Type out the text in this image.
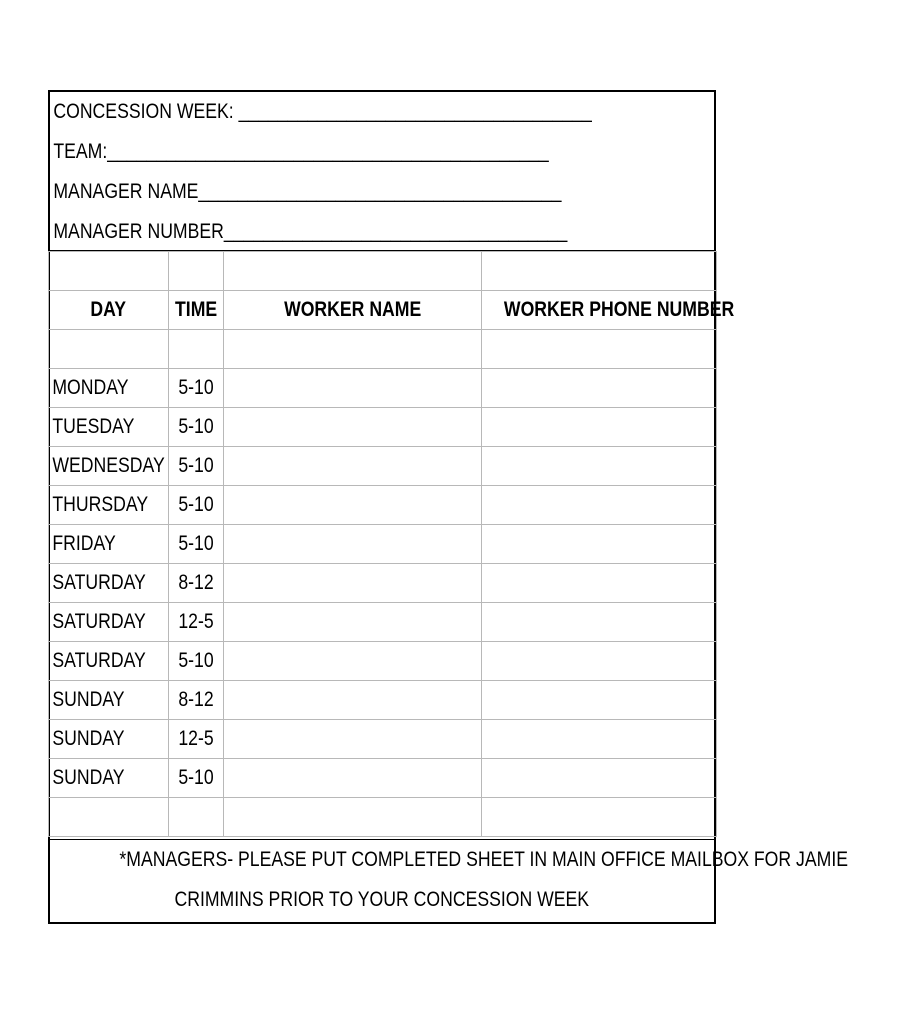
CONCESSION WEEK: ____________________________________
TEAM:_____________________________________________
MANAGER NAME_____________________________________
MANAGER NUMBER___________________________________

DAY	TIME	WORKER NAME	WORKER PHONE NUMBER

MONDAY	5-10		
TUESDAY	5-10		
WEDNESDAY	5-10		
THURSDAY	5-10		
FRIDAY	5-10		
SATURDAY	8-12		
SATURDAY	12-5		
SATURDAY	5-10		
SUNDAY	8-12		
SUNDAY	12-5		
SUNDAY	5-10		

*MANAGERS- PLEASE PUT COMPLETED SHEET IN MAIN OFFICE MAILBOX FOR JAMIE
CRIMMINS PRIOR TO YOUR CONCESSION WEEK
